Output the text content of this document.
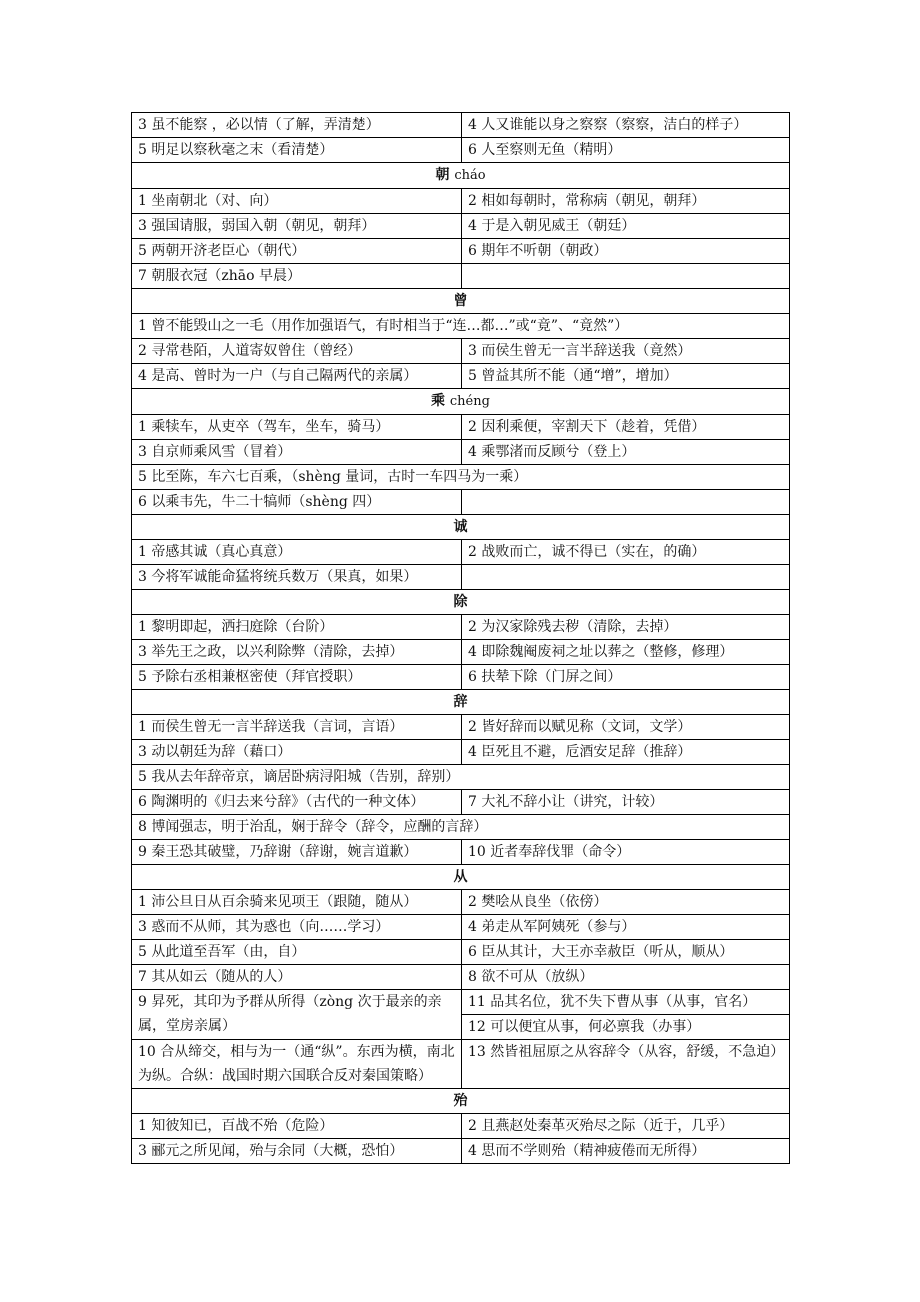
3 虽不能察 ，必以情（了解，弄清楚）	4 人又谁能以身之察察（察察，洁白的样子）
5 明足以察秋毫之末（看清楚）	6 人至察则无鱼（精明）
朝 cháo	
1 坐南朝北（对、向）	2 相如每朝时，常称病（朝见，朝拜）
3 强国请服，弱国入朝（朝见，朝拜）	4 于是入朝见威王（朝廷）
5 两朝开济老臣心（朝代）	6 期年不听朝（朝政）
7 朝服衣冠（zhāo 早晨）	
曾	
1 曾不能毁山之一毛（用作加强语气，有时相当于“连…都…”或“竟”、“竟然”）	
2 寻常巷陌，人道寄奴曾住（曾经）	3 而侯生曾无一言半辞送我（竟然）
4 是高、曾时为一户（与自己隔两代的亲属）	5 曾益其所不能（通“增”，增加）
乘 chéng	
1 乘犊车，从吏卒（驾车，坐车，骑马）	2 因利乘便，宰割天下（趁着，凭借）
3 自京师乘风雪（冒着）	4 乘鄂渚而反顾兮（登上）
5 比至陈，车六七百乘，（shèng 量词，古时一车四马为一乘）	
6 以乘韦先，牛二十犒师（shèng 四）	
诚	
1 帝感其诚（真心真意）	2 战败而亡，诚不得已（实在，的确）
3 今将军诚能命猛将统兵数万（果真，如果）	
除	
1 黎明即起，洒扫庭除（台阶）	2 为汉家除残去秽（清除，去掉）
3 举先王之政，以兴利除弊（清除，去掉）	4 即除魏阉废祠之址以葬之（整修，修理）
5 予除右丞相兼枢密使（拜官授职）	6 扶辇下除（门屏之间）
辞	
1 而侯生曾无一言半辞送我（言词，言语）	2 皆好辞而以赋见称（文词，文学）
3 动以朝廷为辞（藉口）	4 臣死且不避，卮酒安足辞（推辞）
5 我从去年辞帝京，谪居卧病浔阳城（告别，辞别）	
6 陶渊明的《归去来兮辞》（古代的一种文体）	7 大礼不辞小让（讲究，计较）
8 博闻强志，明于治乱，娴于辞令（辞令，应酬的言辞）	
9 秦王恐其破璧，乃辞谢（辞谢，婉言道歉）	10 近者奉辞伐罪（命令）
从	
1 沛公旦日从百余骑来见项王（跟随，随从）	2 樊哙从良坐（依傍）
3 惑而不从师，其为惑也（向……学习）	4 弟走从军阿姨死（参与）
5 从此道至吾军（由，自）	6 臣从其计，大王亦幸赦臣（听从，顺从）
7 其从如云（随从的人）	8 欲不可从（放纵）
9 昇死，其印为予群从所得（zòng 次于最亲的亲属，堂房亲属）	11 品其名位，犹不失下曹从事（从事，官名）
	12 可以便宜从事，何必禀我（办事）
10 合从缔交，相与为一（通“纵”。东西为横，南北为纵。合纵：战国时期六国联合反对秦国策略）	13 然皆祖屈原之从容辞令（从容，舒缓，不急迫）
殆	
1 知彼知已，百战不殆（危险）	2 且燕赵处秦革灭殆尽之际（近于，几乎）
3 郦元之所见闻，殆与余同（大概，恐怕）	4 思而不学则殆（精神疲倦而无所得）
